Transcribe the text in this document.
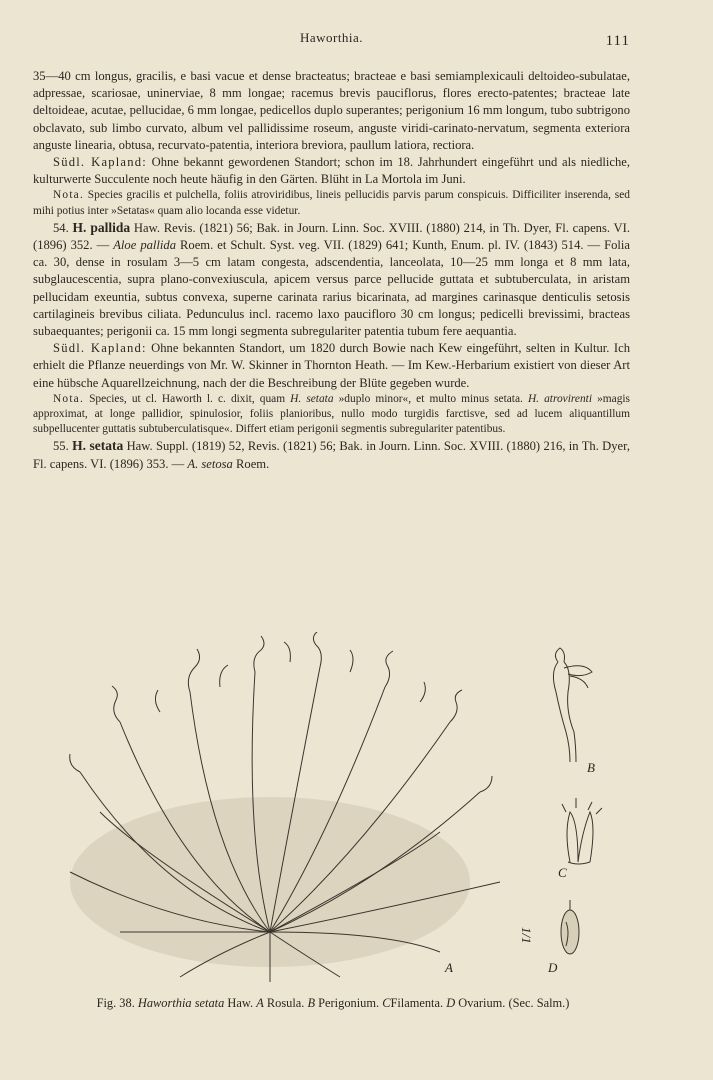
Haworthia.	111

35—40 cm longus, gracilis, e basi vacue et dense bracteatus; bracteae e basi semiamplexicauli deltoideo-subulatae, adpressae, scariosae, uninerviae, 8 mm longae; racemus brevis pauciflorus, flores erecto-patentes; bracteae late deltoideae, acutae, pellucidae, 6 mm longae, pedicellos duplo superantes; perigonium 16 mm longum, tubo subtrigono obclavato, sub limbo curvato, album vel pallidissime roseum, anguste viridi-carinato-nervatum, segmenta exteriora anguste linearia, obtusa, recurvato-patentia, interiora breviora, paullum latiora, rectiora.

Südl. Kapland: Ohne bekannt gewordenen Standort; schon im 18. Jahrhundert eingeführt und als niedliche, kulturwerte Succulente noch heute häufig in den Gärten. Blüht in La Mortola im Juni.

Nota. Species gracilis et pulchella, foliis atroviridibus, lineis pellucidis parvis parum conspicuis. Difficiliter inserenda, sed mihi potius inter »Setatas« quam alio locanda esse videtur.

54. H. pallida Haw. Revis. (1821) 56; Bak. in Journ. Linn. Soc. XVIII. (1880) 214, in Th. Dyer, Fl. capens. VI. (1896) 352. — Aloe pallida Roem. et Schult. Syst. veg. VII. (1829) 641; Kunth, Enum. pl. IV. (1843) 514. — Folia ca. 30, dense in rosulam 3—5 cm latam congesta, adscendentia, lanceolata, 10—25 mm longa et 8 mm lata, subglaucescentia, supra plano-convexiuscula, apicem versus parce pellucide guttata et subtuberculata, in aristam pellucidam exeuntia, subtus convexa, superne carinata rarius bicarinata, ad margines carinasque denticulis setosis cartilagineis brevibus ciliata. Pedunculus incl. racemo laxo paucifloro 30 cm longus; pedicelli brevissimi, bracteas subaequantes; perigonii ca. 15 mm longi segmenta subregulariter patentia tubum fere aequantia.

Südl. Kapland: Ohne bekannten Standort, um 1820 durch Bowie nach Kew eingeführt, selten in Kultur. Ich erhielt die Pflanze neuerdings von Mr. W. Skinner in Thornton Heath. — Im Kew.-Herbarium existiert von dieser Art eine hübsche Aquarellzeichnung, nach der die Beschreibung der Blüte gegeben wurde.

Nota. Species, ut cl. Haworth l. c. dixit, quam H. setata »duplo minor«, et multo minus setata. H. atrovirenti »magis approximat, at longe pallidior, spinulosior, foliis planioribus, nullo modo turgidis farctisve, sed ad lucem aliquantillum subpellucenter guttatis subtuberculatisque«. Differt etiam perigonii segmentis subregulariter patentibus.

55. H. setata Haw. Suppl. (1819) 52, Revis. (1821) 56; Bak. in Journ. Linn. Soc. XVIII. (1880) 216, in Th. Dyer, Fl. capens. VI. (1896) 353. — A. setosa Roem.

A
B
C
D
1/1
Fig. 38. Haworthia setata Haw. A Rosula. B Perigonium. CFilamenta. D Ovarium. (Sec. Salm.)
